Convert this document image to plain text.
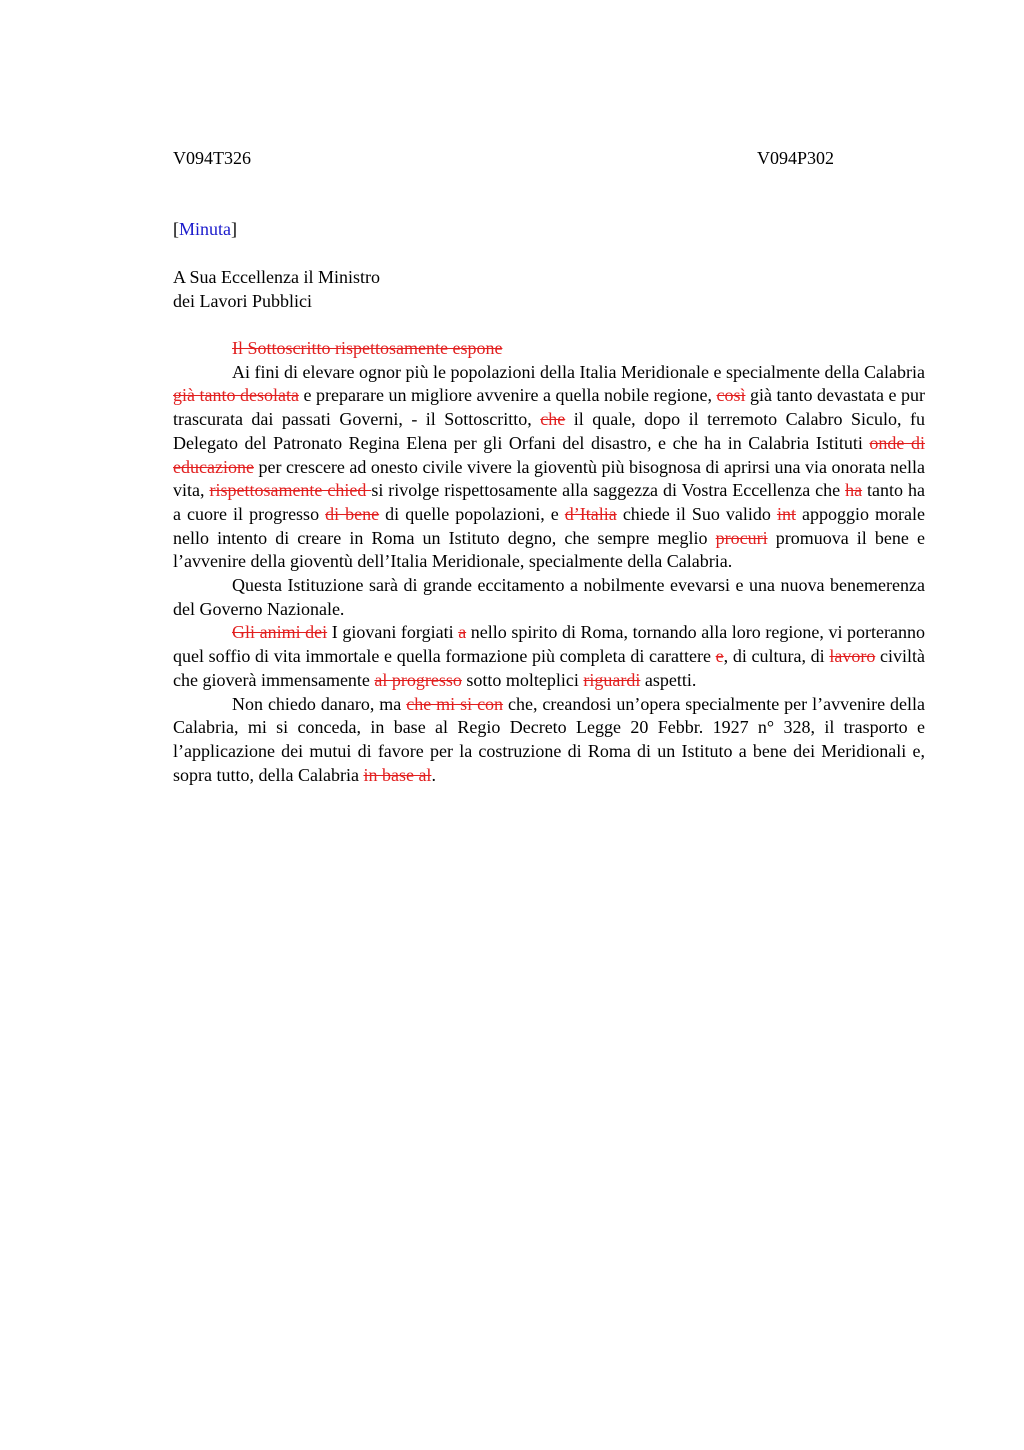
V094T326	V094P302
[Minuta]
A Sua Eccellenza il Ministro
dei Lavori Pubblici

Il Sottoscritto rispettosamente espone

Ai fini di elevare ognor più le popolazioni della Italia Meridionale e specialmente della Calabria già tanto desolata e preparare un migliore avvenire a quella nobile regione, così già tanto devastata e pur trascurata dai passati Governi, - il Sottoscritto, che il quale, dopo il terremoto Calabro Siculo, fu Delegato del Patronato Regina Elena per gli Orfani del disastro, e che ha in Calabria Istituti onde di educazione per crescere ad onesto civile vivere la gioventù più bisognosa di aprirsi una via onorata nella vita, rispettosamente chied si rivolge rispettosamente alla saggezza di Vostra Eccellenza che ha tanto ha a cuore il progresso di bene di quelle popolazioni, e d’Italia chiede il Suo valido int appoggio morale nello intento di creare in Roma un Istituto degno, che sempre meglio procuri promuova il bene e l’avvenire della gioventù dell’Italia Meridionale, specialmente della Calabria.

Questa Istituzione sarà di grande eccitamento a nobilmente evevarsi e una nuova benemerenza del Governo Nazionale.

Gli animi dei I giovani forgiati a nello spirito di Roma, tornando alla loro regione, vi porteranno quel soffio di vita immortale e quella formazione più completa di carattere e, di cultura, di lavoro civiltà che gioverà immensamente al progresso sotto molteplici riguardi aspetti.

Non chiedo danaro, ma che mi si con che, creandosi un’opera specialmente per l’avvenire della Calabria, mi si conceda, in base al Regio Decreto Legge 20 Febbr. 1927 n° 328, il trasporto e l’applicazione dei mutui di favore per la costruzione di Roma di un Istituto a bene dei Meridionali e, sopra tutto, della Calabria in base al.
